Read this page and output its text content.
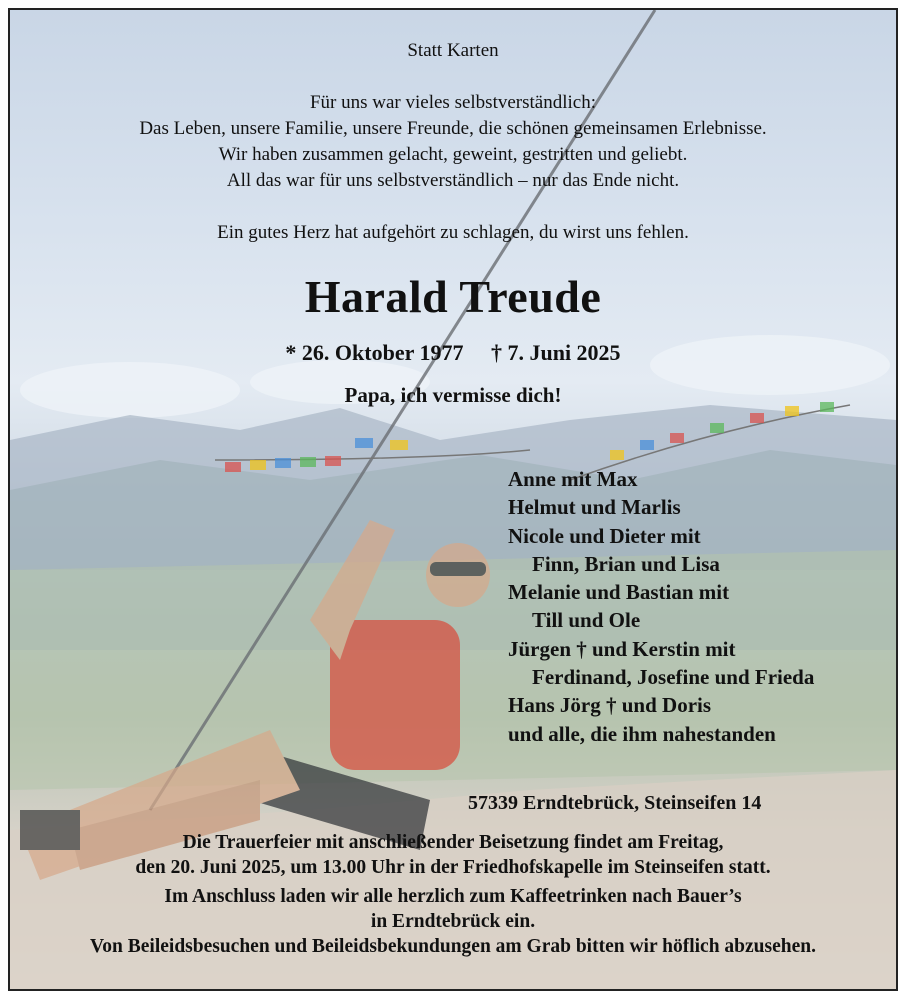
Statt Karten
Für uns war vieles selbstverständlich:
Das Leben, unsere Familie, unsere Freunde, die schönen gemeinsamen Erlebnisse.
Wir haben zusammen gelacht, geweint, gestritten und geliebt.
All das war für uns selbstverständlich – nur das Ende nicht.
Ein gutes Herz hat aufgehört zu schlagen, du wirst uns fehlen.
Harald Treude
* 26. Oktober 1977 † 7. Juni 2025
Papa, ich vermisse dich!
Anne mit Max
Helmut und Marlis
Nicole und Dieter mit
Finn, Brian und Lisa
Melanie und Bastian mit
Till und Ole
Jürgen † und Kerstin mit
Ferdinand, Josefine und Frieda
Hans Jörg † und Doris
und alle, die ihm nahestanden
57339 Erndtebrück, Steinseifen 14
Die Trauerfeier mit anschließender Beisetzung findet am Freitag,
den 20. Juni 2025, um 13.00 Uhr in der Friedhofskapelle im Steinseifen statt.
Im Anschluss laden wir alle herzlich zum Kaffeetrinken nach Bauer’s
in Erndtebrück ein.
Von Beileidsbesuchen und Beileidsbekundungen am Grab bitten wir höflich abzusehen.
